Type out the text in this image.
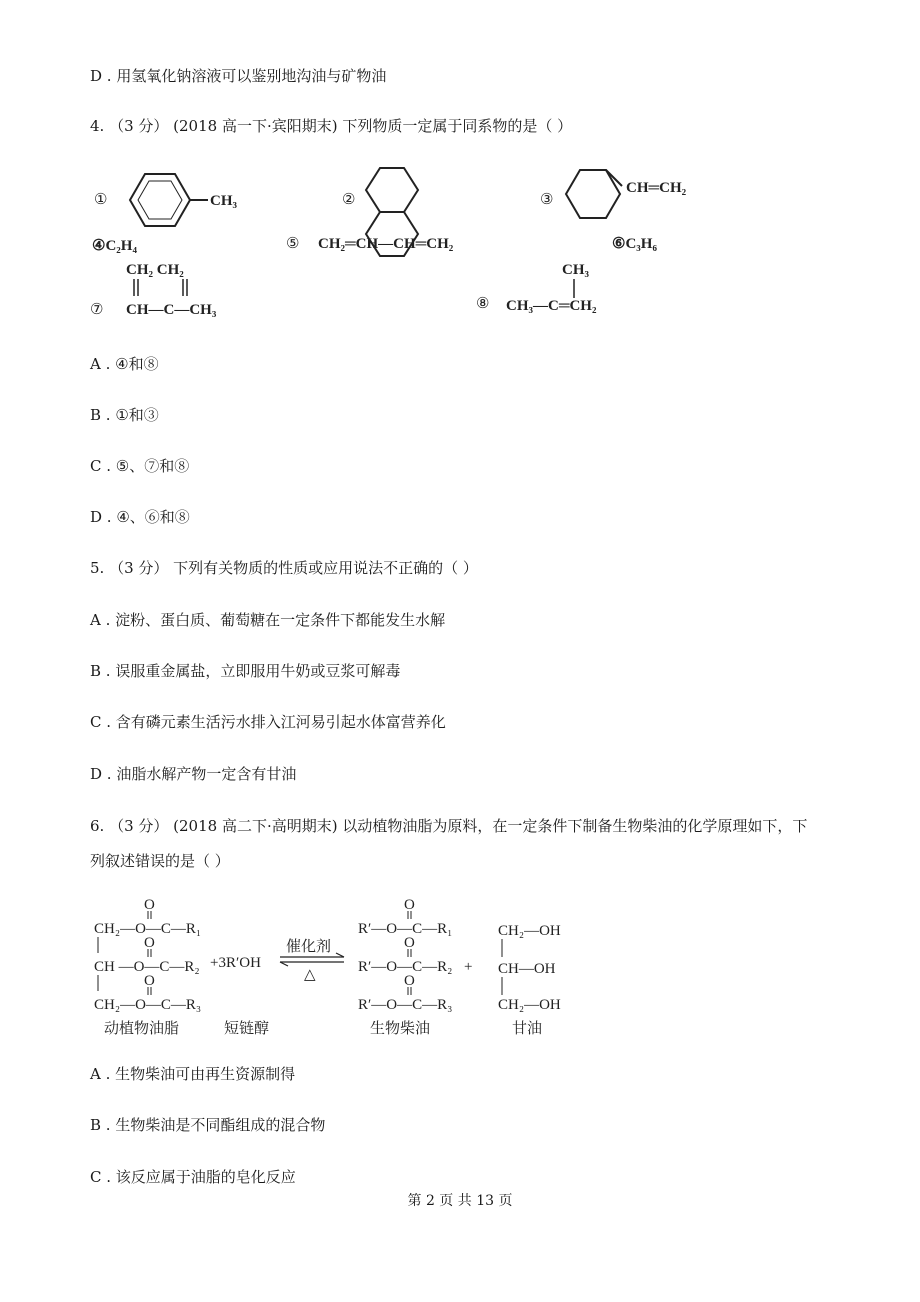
D . 用氢氧化钠溶液可以鉴别地沟油与矿物油
4. （3 分） (2018 高一下·宾阳期末) 下列物质一定属于同系物的是（ ）
①	CH₃	②	③
CH═CH₂
④C₂H₄	⑤ CH₂═CH—CH═CH₂	⑥C₃H₆
CH₂ CH₂
⑦ CH—C—CH₃
CH₃
⑧ CH₃—C═CH₂
A . ④和⑧
B . ①和③
C . ⑤、⑦和⑧
D . ④、⑥和⑧
5. （3 分） 下列有关物质的性质或应用说法不正确的（ ）
A . 淀粉、蛋白质、葡萄糖在一定条件下都能发生水解
B . 误服重金属盐，立即服用牛奶或豆浆可解毒
C . 含有磷元素生活污水排入江河易引起水体富营养化
D . 油脂水解产物一定含有甘油
6. （3 分） (2018 高二下·高明期末) 以动植物油脂为原料，在一定条件下制备生物柴油的化学原理如下，下
列叙述错误的是（ ）
O
CH₂—O—C—R₁
O
CH —O—C—R₂
O
CH₂—O—C—R₃
+3R′OH
催化剂
△
O
R′—O—C—R₁
O
R′—O—C—R₂
O
R′—O—C—R₃
+
CH₂—OH
CH—OH
CH₂—OH
动植物油脂	短链醇	生物柴油	甘油
A . 生物柴油可由再生资源制得
B . 生物柴油是不同酯组成的混合物
C . 该反应属于油脂的皂化反应
第 2 页 共 13 页
